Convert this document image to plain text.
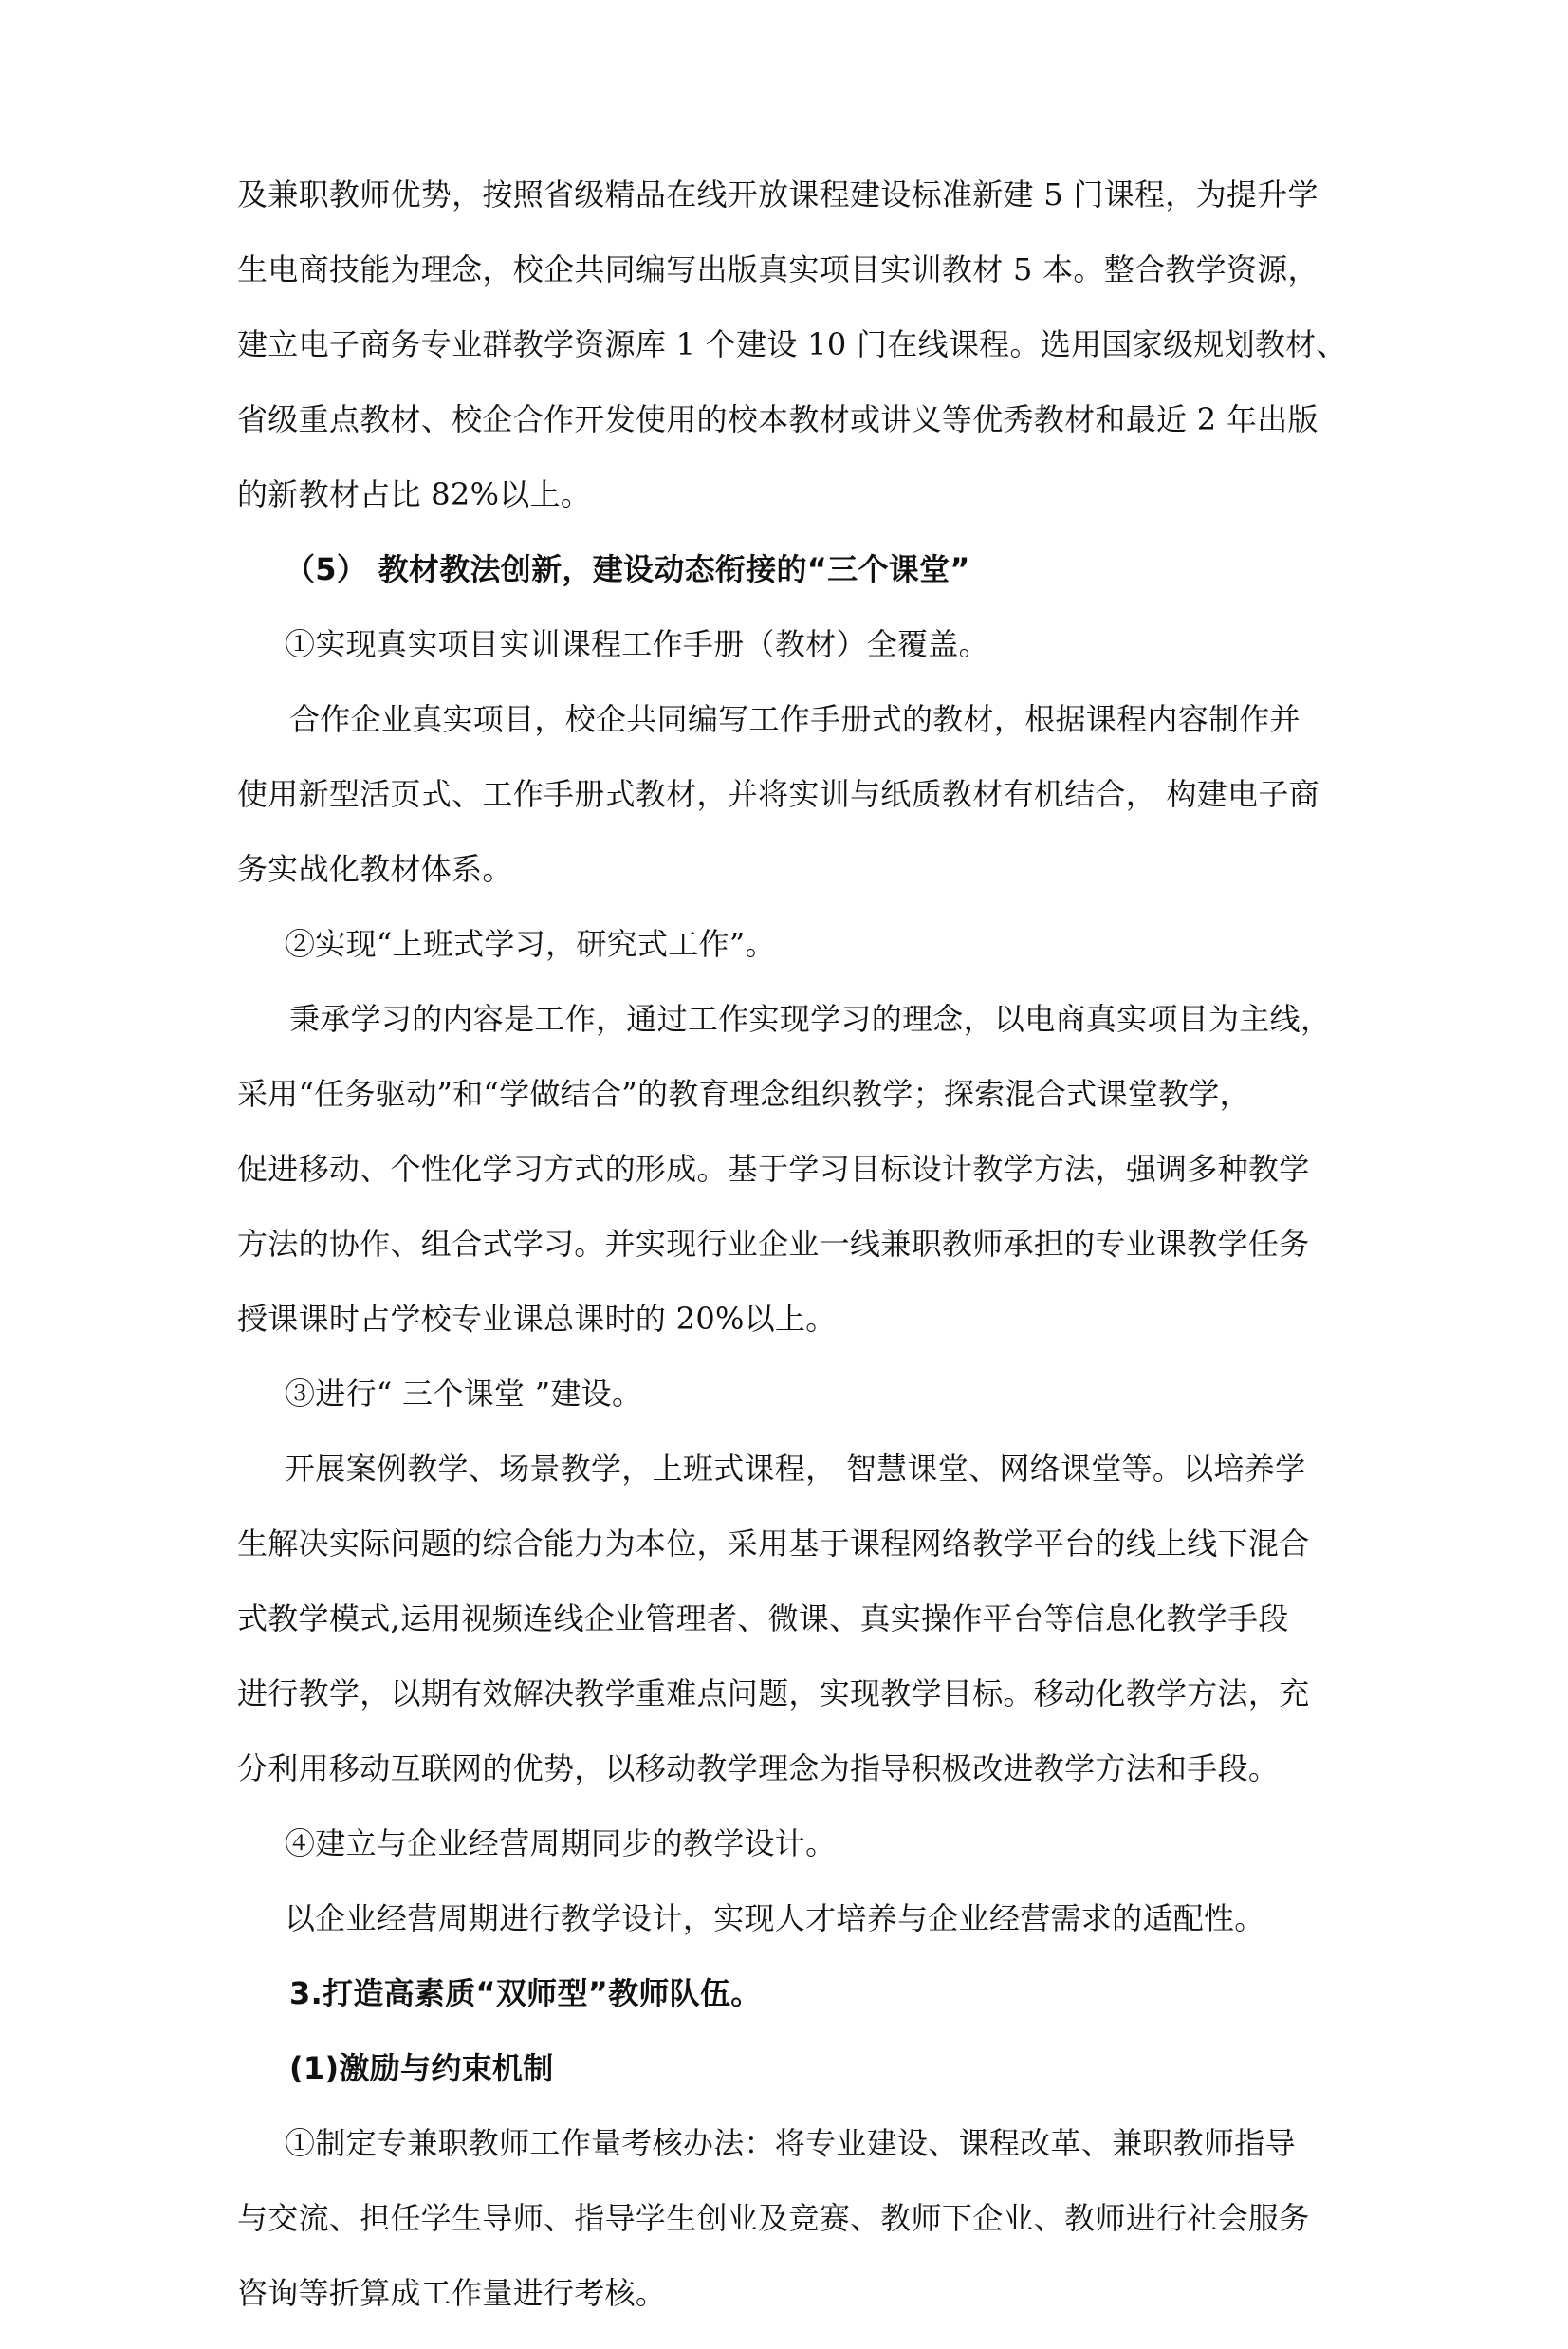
及兼职教师优势，按照省级精品在线开放课程建设标准新建 5 门课程，为提升学
生电商技能为理念，校企共同编写出版真实项目实训教材 5 本。整合教学资源，
建立电子商务专业群教学资源库 1 个建设 10 门在线课程。选用国家级规划教材、
省级重点教材、校企合作开发使用的校本教材或讲义等优秀教材和最近 2 年出版
的新教材占比 82%以上。
（5） 教材教法创新，建设动态衔接的“三个课堂”
①实现真实项目实训课程工作手册（教材）全覆盖。
合作企业真实项目，校企共同编写工作手册式的教材，根据课程内容制作并
使用新型活页式、工作手册式教材，并将实训与纸质教材有机结合， 构建电子商
务实战化教材体系。
②实现“上班式学习，研究式工作”。
秉承学习的内容是工作，通过工作实现学习的理念，以电商真实项目为主线，
采用“任务驱动”和“学做结合”的教育理念组织教学；探索混合式课堂教学，
促进移动、个性化学习方式的形成。基于学习目标设计教学方法，强调多种教学
方法的协作、组合式学习。并实现行业企业一线兼职教师承担的专业课教学任务
授课课时占学校专业课总课时的 20%以上。
③进行“ 三个课堂 ”建设。
开展案例教学、场景教学，上班式课程， 智慧课堂、网络课堂等。以培养学
生解决实际问题的综合能力为本位，采用基于课程网络教学平台的线上线下混合
式教学模式,运用视频连线企业管理者、微课、真实操作平台等信息化教学手段
进行教学，以期有效解决教学重难点问题，实现教学目标。移动化教学方法，充
分利用移动互联网的优势，以移动教学理念为指导积极改进教学方法和手段。
④建立与企业经营周期同步的教学设计。
以企业经营周期进行教学设计，实现人才培养与企业经营需求的适配性。
3.打造高素质“双师型”教师队伍。
(1)激励与约束机制
①制定专兼职教师工作量考核办法：将专业建设、课程改革、兼职教师指导
与交流、担任学生导师、指导学生创业及竞赛、教师下企业、教师进行社会服务
咨询等折算成工作量进行考核。
